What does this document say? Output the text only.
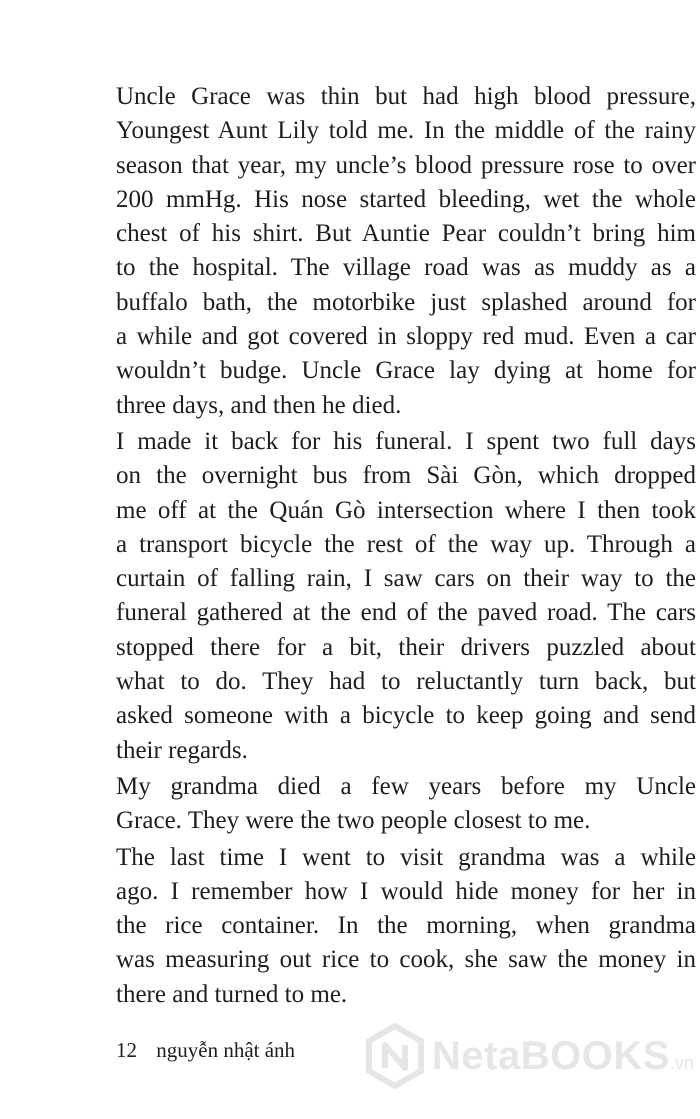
Uncle Grace was thin but had high blood pressure,
Youngest Aunt Lily told me. In the middle of the rainy
season that year, my uncle’s blood pressure rose to over
200 mmHg. His nose started bleeding, wet the whole
chest of his shirt. But Auntie Pear couldn’t bring him
to the hospital. The village road was as muddy as a
buffalo bath, the motorbike just splashed around for
a while and got covered in sloppy red mud. Even a car
wouldn’t budge. Uncle Grace lay dying at home for
three days, and then he died.
I made it back for his funeral. I spent two full days
on the overnight bus from Sài Gòn, which dropped
me off at the Quán Gò intersection where I then took
a transport bicycle the rest of the way up. Through a
curtain of falling rain, I saw cars on their way to the
funeral gathered at the end of the paved road. The cars
stopped there for a bit, their drivers puzzled about
what to do. They had to reluctantly turn back, but
asked someone with a bicycle to keep going and send
their regards.
My grandma died a few years before my Uncle
Grace. They were the two people closest to me.
The last time I went to visit grandma was a while
ago. I remember how I would hide money for her in
the rice container. In the morning, when grandma
was measuring out rice to cook, she saw the money in
there and turned to me.
12 nguyễn nhật ánh	NetaBOOKS .vn
